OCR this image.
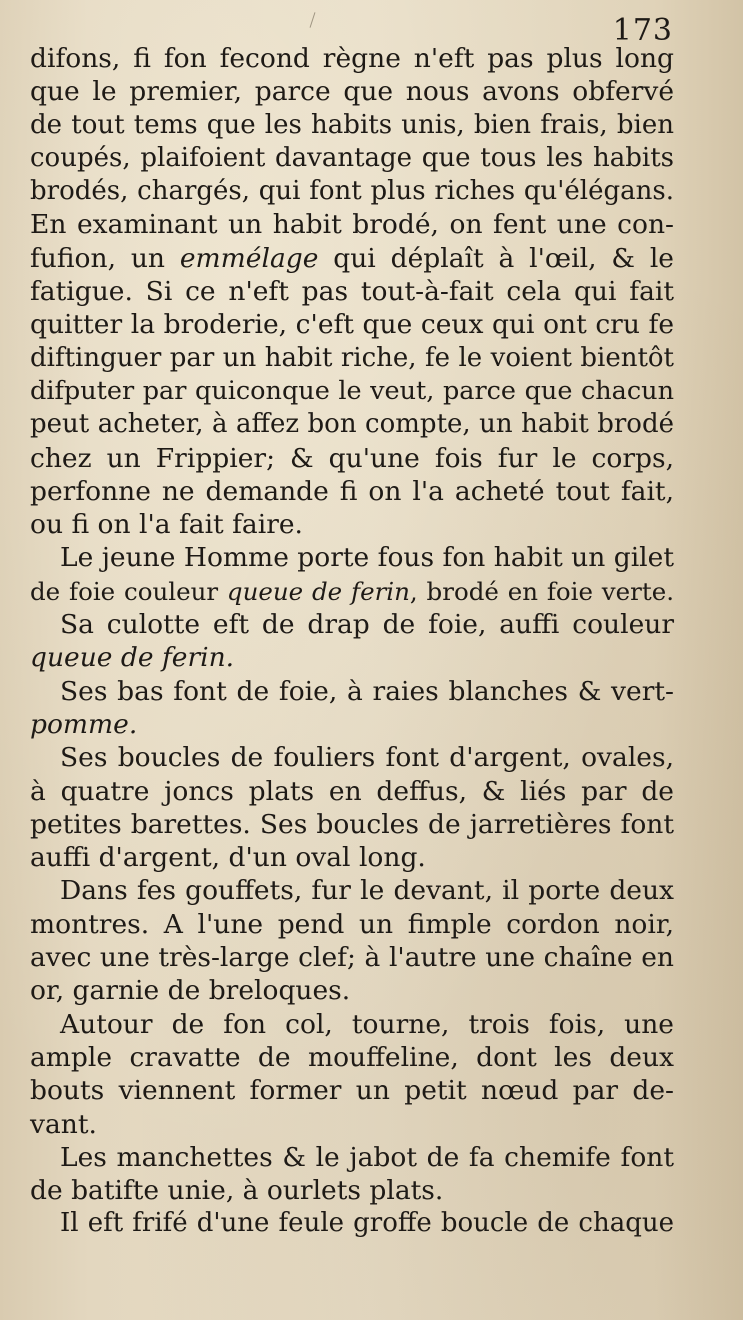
173
difons, fi fon fecond règne n'eft pas plus long
que le premier, parce que nous avons obfervé
de tout tems que les habits unis, bien frais, bien
coupés, plaifoient davantage que tous les habits
brodés, chargés, qui font plus riches qu'élégans.
En examinant un habit brodé, on fent une con-
fufion, un emmélage qui déplaît à l'œil, & le
fatigue. Si ce n'eft pas tout-à-fait cela qui fait
quitter la broderie, c'eft que ceux qui ont cru fe
diftinguer par un habit riche, fe le voient bientôt
difputer par quiconque le veut, parce que chacun
peut acheter, à affez bon compte, un habit brodé
chez un Frippier; & qu'une fois fur le corps,
perfonne ne demande fi on l'a acheté tout fait,
ou fi on l'a fait faire.
Le jeune Homme porte fous fon habit un gilet
de foie couleur queue de ferin, brodé en foie verte.
Sa culotte eft de drap de foie, auffi couleur
queue de ferin.
Ses bas font de foie, à raies blanches & vert-
pomme.
Ses boucles de fouliers font d'argent, ovales,
à quatre joncs plats en deffus, & liés par de
petites barettes. Ses boucles de jarretières font
auffi d'argent, d'un oval long.
Dans fes gouffets, fur le devant, il porte deux
montres. A l'une pend un fimple cordon noir,
avec une très-large clef; à l'autre une chaîne en
or, garnie de breloques.
Autour de fon col, tourne, trois fois, une
ample cravatte de mouffeline, dont les deux
bouts viennent former un petit nœud par de-
vant.
Les manchettes & le jabot de fa chemife font
de batifte unie, à ourlets plats.
Il eft frifé d'une feule groffe boucle de chaque
